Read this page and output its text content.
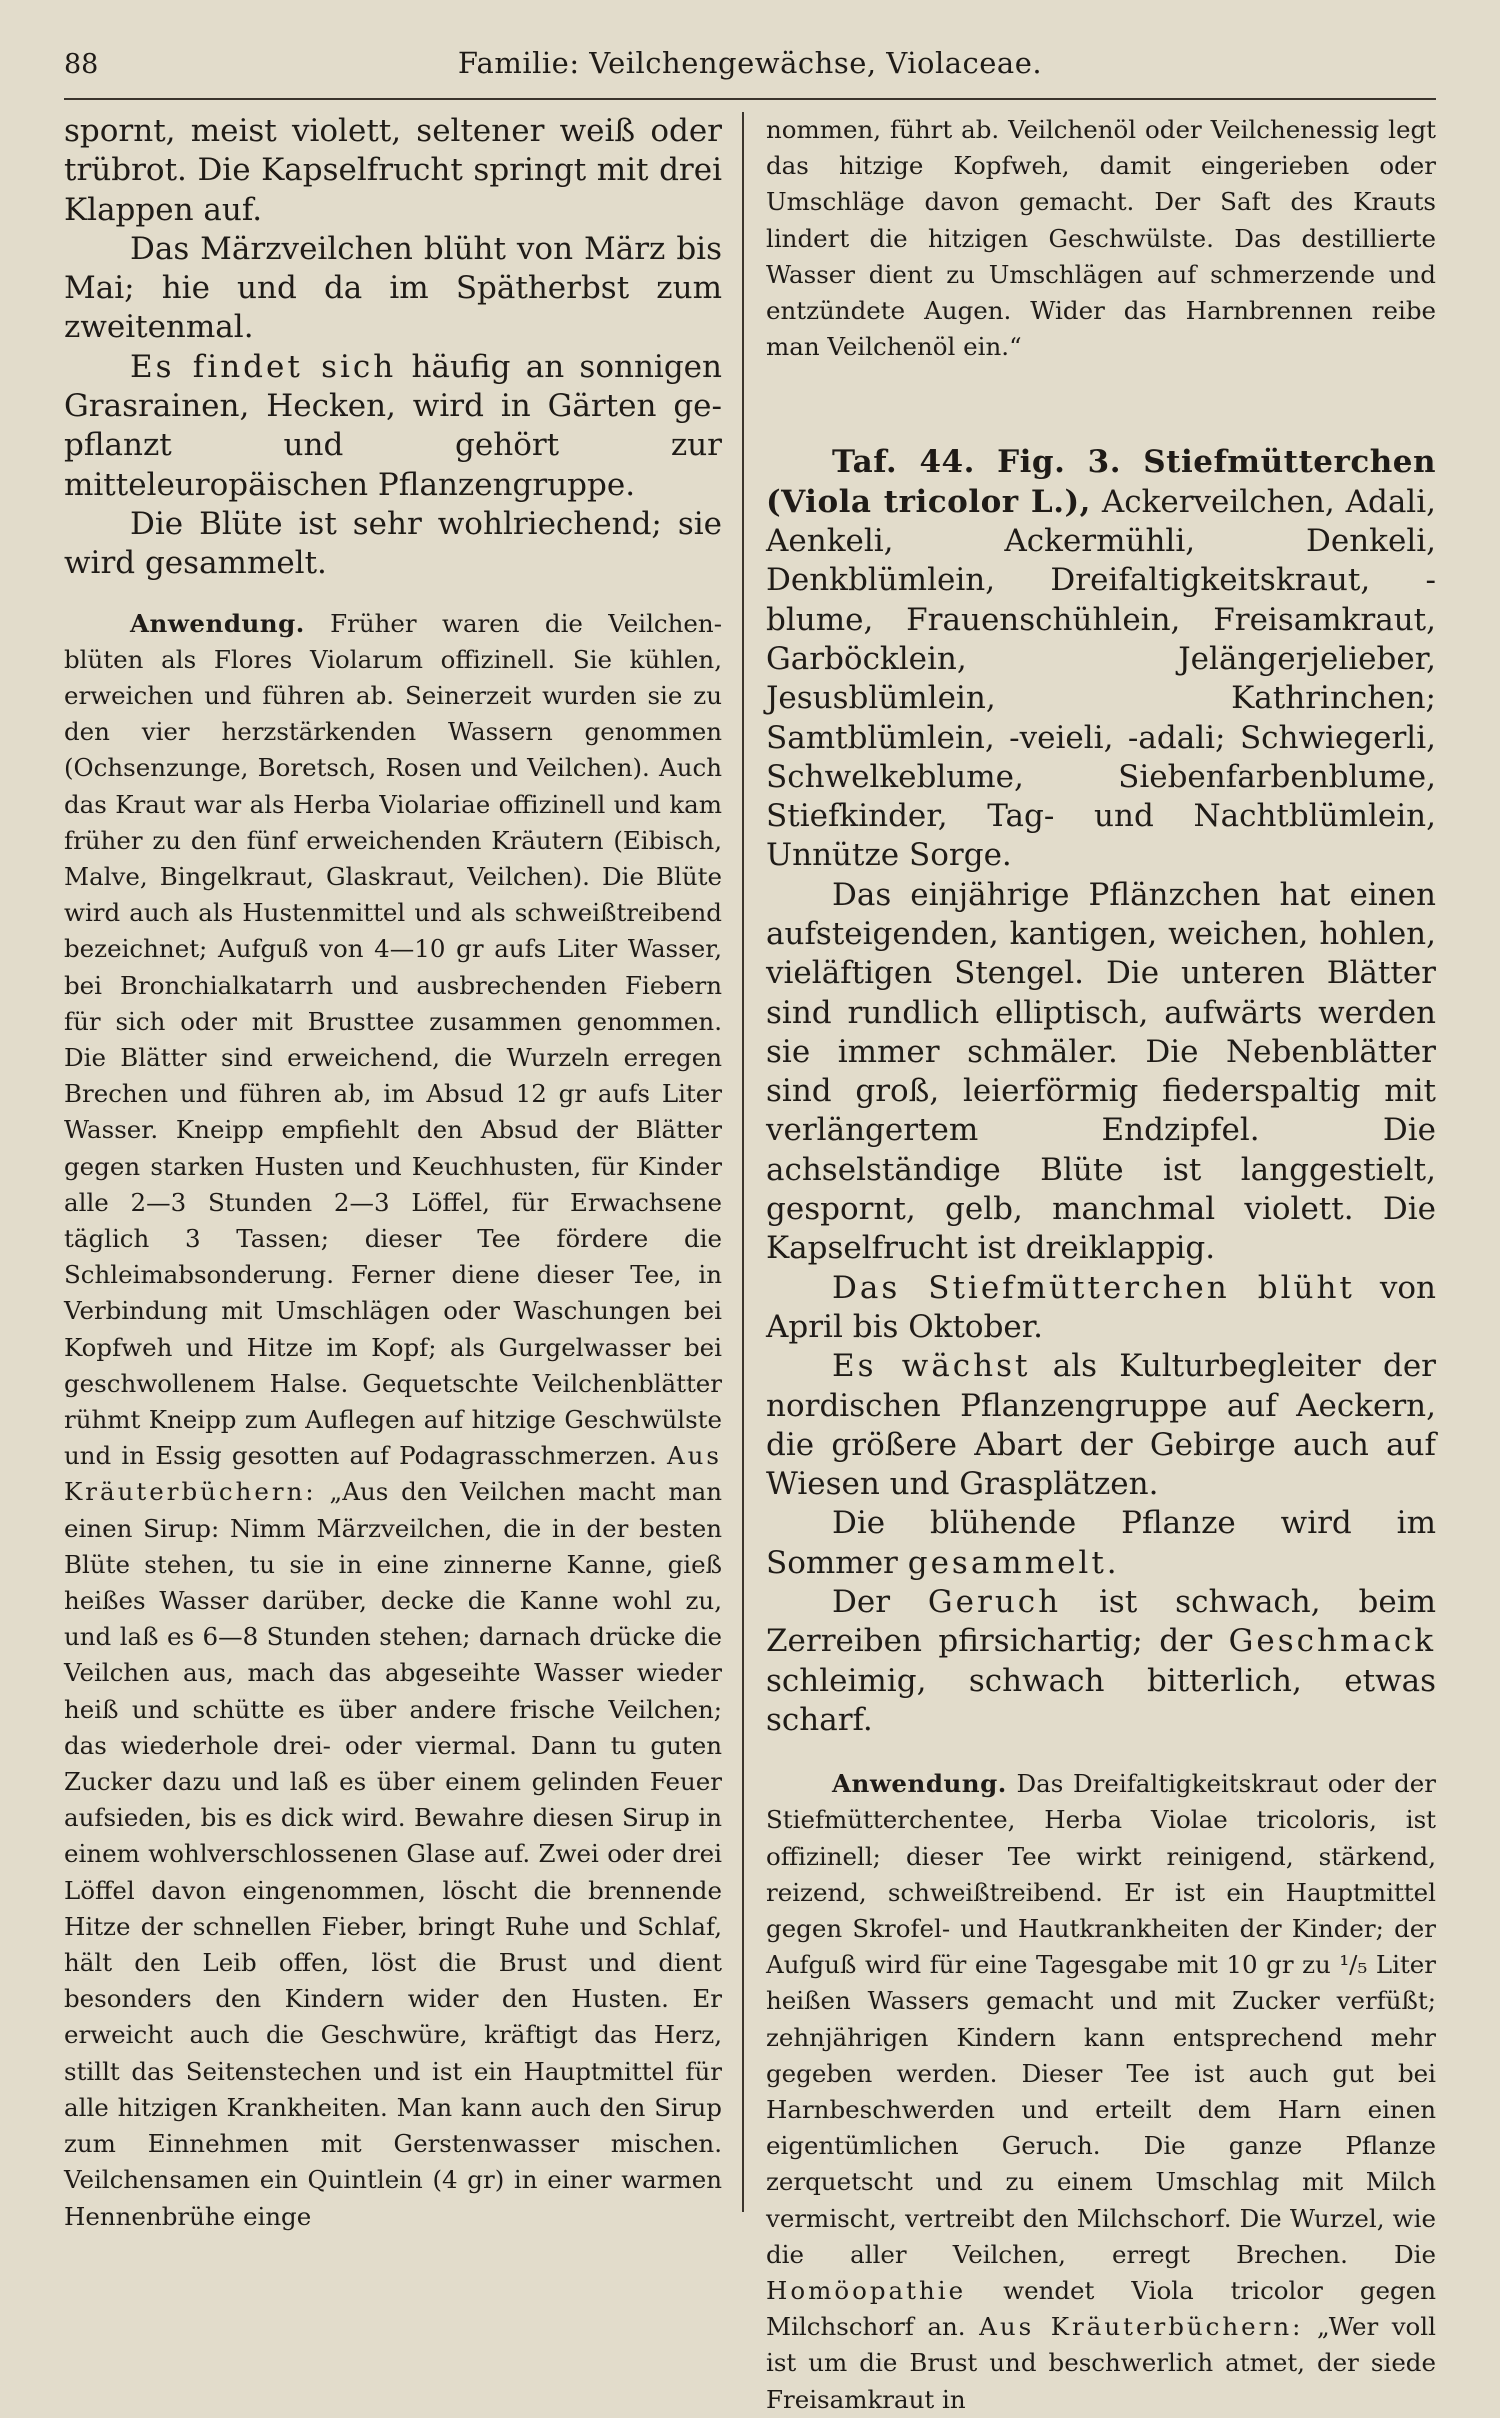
88	Familie: Veilchengewächse, Violaceae.

spornt, meist violett, seltener weiß oder trübrot. Die Kapselfrucht springt mit drei Klappen auf.

Das Märzveilchen blüht von März bis Mai; hie und da im Spätherbst zum zweitenmal.

Es findet sich häufig an sonnigen Grasrainen, Hecken, wird in Gärten gepflanzt und gehört zur mitteleuropäischen Pflanzengruppe.

Die Blüte ist sehr wohlriechend; sie wird gesammelt.

Anwendung. Früher waren die Veilchenblüten als Flores Violarum offizinell. Sie kühlen, erweichen und führen ab. Seinerzeit wurden sie zu den vier herzstärkenden Wassern genommen (Ochsenzunge, Boretsch, Rosen und Veilchen). Auch das Kraut war als Herba Violariae offizinell und kam früher zu den fünf erweichenden Kräutern (Eibisch, Malve, Bingelkraut, Glaskraut, Veilchen). Die Blüte wird auch als Hustenmittel und als schweißtreibend bezeichnet; Aufguß von 4—10 gr aufs Liter Wasser, bei Bronchialkatarrh und ausbrechenden Fiebern für sich oder mit Brusttee zusammen genommen. Die Blätter sind erweichend, die Wurzeln erregen Brechen und führen ab, im Absud 12 gr aufs Liter Wasser. Kneipp empfiehlt den Absud der Blätter gegen starken Husten und Keuchhusten, für Kinder alle 2—3 Stunden 2—3 Löffel, für Erwachsene täglich 3 Tassen; dieser Tee fördere die Schleimabsonderung. Ferner diene dieser Tee, in Verbindung mit Umschlägen oder Waschungen bei Kopfweh und Hitze im Kopf; als Gurgelwasser bei geschwollenem Halse. Gequetschte Veilchenblätter rühmt Kneipp zum Auflegen auf hitzige Geschwülste und in Essig gesotten auf Podagrasschmerzen. Aus Kräuterbüchern: „Aus den Veilchen macht man einen Sirup: Nimm Märzveilchen, die in der besten Blüte stehen, tu sie in eine zinnerne Kanne, gieß heißes Wasser darüber, decke die Kanne wohl zu, und laß es 6—8 Stunden stehen; darnach drücke die Veilchen aus, mach das abgeseihte Wasser wieder heiß und schütte es über andere frische Veilchen; das wiederhole drei- oder viermal. Dann tu guten Zucker dazu und laß es über einem gelinden Feuer aufsieden, bis es dick wird. Bewahre diesen Sirup in einem wohlverschlossenen Glase auf. Zwei oder drei Löffel davon eingenommen, löscht die brennende Hitze der schnellen Fieber, bringt Ruhe und Schlaf, hält den Leib offen, löst die Brust und dient besonders den Kindern wider den Husten. Er erweicht auch die Geschwüre, kräftigt das Herz, stillt das Seitenstechen und ist ein Hauptmittel für alle hitzigen Krankheiten. Man kann auch den Sirup zum Einnehmen mit Gerstenwasser mischen. Veilchensamen ein Quintlein (4 gr) in einer warmen Hennenbrühe einge

nommen, führt ab. Veilchenöl oder Veilchenessig legt das hitzige Kopfweh, damit eingerieben oder Umschläge davon gemacht. Der Saft des Krauts lindert die hitzigen Geschwülste. Das destillierte Wasser dient zu Umschlägen auf schmerzende und entzündete Augen. Wider das Harnbrennen reibe man Veilchenöl ein.“

Taf. 44. Fig. 3. Stiefmütterchen (Viola tricolor L.), Ackerveilchen, Adali, Aenkeli, Ackermühli, Denkeli, Denkblümlein, Dreifaltigkeitskraut, -blume, Frauenschühlein, Freisamkraut, Garböcklein, Jelängerjelieber, Jesusblümlein, Kathrinchen; Samtblümlein, -veieli, -adali; Schwiegerli, Schwelkeblume, Siebenfarbenblume, Stiefkinder, Tag- und Nachtblümlein, Unnütze Sorge.

Das einjährige Pflänzchen hat einen aufsteigenden, kantigen, weichen, hohlen, vieläftigen Stengel. Die unteren Blätter sind rundlich elliptisch, aufwärts werden sie immer schmäler. Die Nebenblätter sind groß, leierförmig fiederspaltig mit verlängertem Endzipfel. Die achselständige Blüte ist langgestielt, gespornt, gelb, manchmal violett. Die Kapselfrucht ist dreiklappig.

Das Stiefmütterchen blüht von April bis Oktober.

Es wächst als Kulturbegleiter der nordischen Pflanzengruppe auf Aeckern, die größere Abart der Gebirge auch auf Wiesen und Grasplätzen.

Die blühende Pflanze wird im Sommer gesammelt.

Der Geruch ist schwach, beim Zerreiben pfirsichartig; der Geschmack schleimig, schwach bitterlich, etwas scharf.

Anwendung. Das Dreifaltigkeitskraut oder der Stiefmütterchentee, Herba Violae tricoloris, ist offizinell; dieser Tee wirkt reinigend, stärkend, reizend, schweißtreibend. Er ist ein Hauptmittel gegen Skrofel- und Hautkrankheiten der Kinder; der Aufguß wird für eine Tagesgabe mit 10 gr zu ¹/₅ Liter heißen Wassers gemacht und mit Zucker verfüßt; zehnjährigen Kindern kann entsprechend mehr gegeben werden. Dieser Tee ist auch gut bei Harnbeschwerden und erteilt dem Harn einen eigentümlichen Geruch. Die ganze Pflanze zerquetscht und zu einem Umschlag mit Milch vermischt, vertreibt den Milchschorf. Die Wurzel, wie die aller Veilchen, erregt Brechen. Die Homöopathie wendet Viola tricolor gegen Milchschorf an. Aus Kräuterbüchern: „Wer voll ist um die Brust und beschwerlich atmet, der siede Freisamkraut in
